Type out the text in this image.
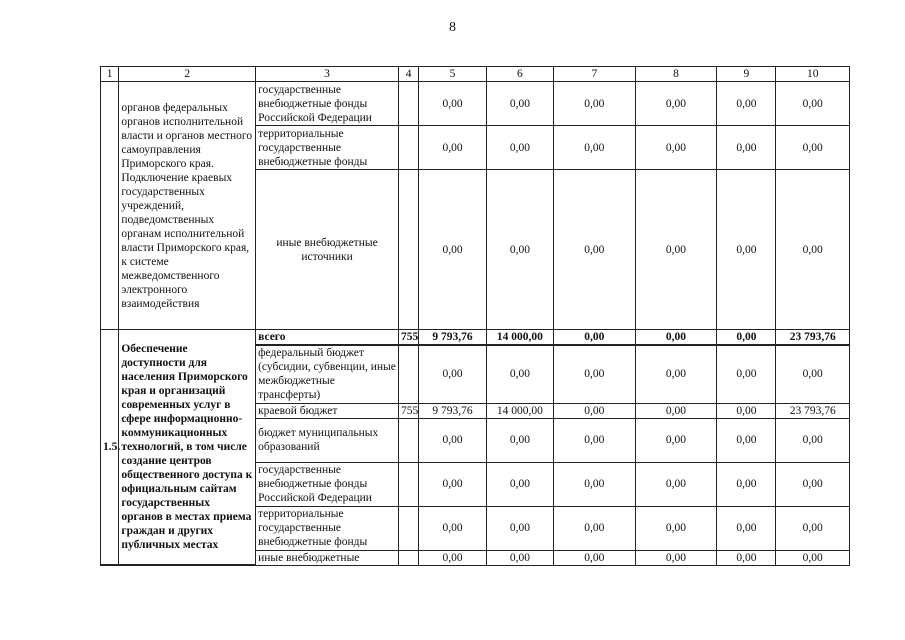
8
1	2	3	4	5	6	7	8	9	10
	органов федеральных органов исполнительной власти и органов местного самоуправления Приморского края. Подключение краевых государственных учреждений, подведомственных органам исполнительной власти Приморского края, к системе межведомственного электронного взаимодействия	государственные внебюджетные фонды Российской Федерации		0,00	0,00	0,00	0,00	0,00	0,00
		территориальные государственные внебюджетные фонды		0,00	0,00	0,00	0,00	0,00	0,00
		иные внебюджетные источники		0,00	0,00	0,00	0,00	0,00	0,00
1.5.	Обеспечение доступности для населения Приморского края и организаций современных услуг в сфере информационно-коммуникационных технологий, в том числе создание центров общественного доступа к официальным сайтам государственных органов в местах приема граждан и других публичных местах	всего	755	9 793,76	14 000,00	0,00	0,00	0,00	23 793,76
		федеральный бюджет (субсидии, субвенции, иные межбюджетные трансферты)		0,00	0,00	0,00	0,00	0,00	0,00
		краевой бюджет	755	9 793,76	14 000,00	0,00	0,00	0,00	23 793,76
		бюджет муниципальных образований		0,00	0,00	0,00	0,00	0,00	0,00
		государственные внебюджетные фонды Российской Федерации		0,00	0,00	0,00	0,00	0,00	0,00
		территориальные государственные внебюджетные фонды		0,00	0,00	0,00	0,00	0,00	0,00
		иные внебюджетные		0,00	0,00	0,00	0,00	0,00	0,00
